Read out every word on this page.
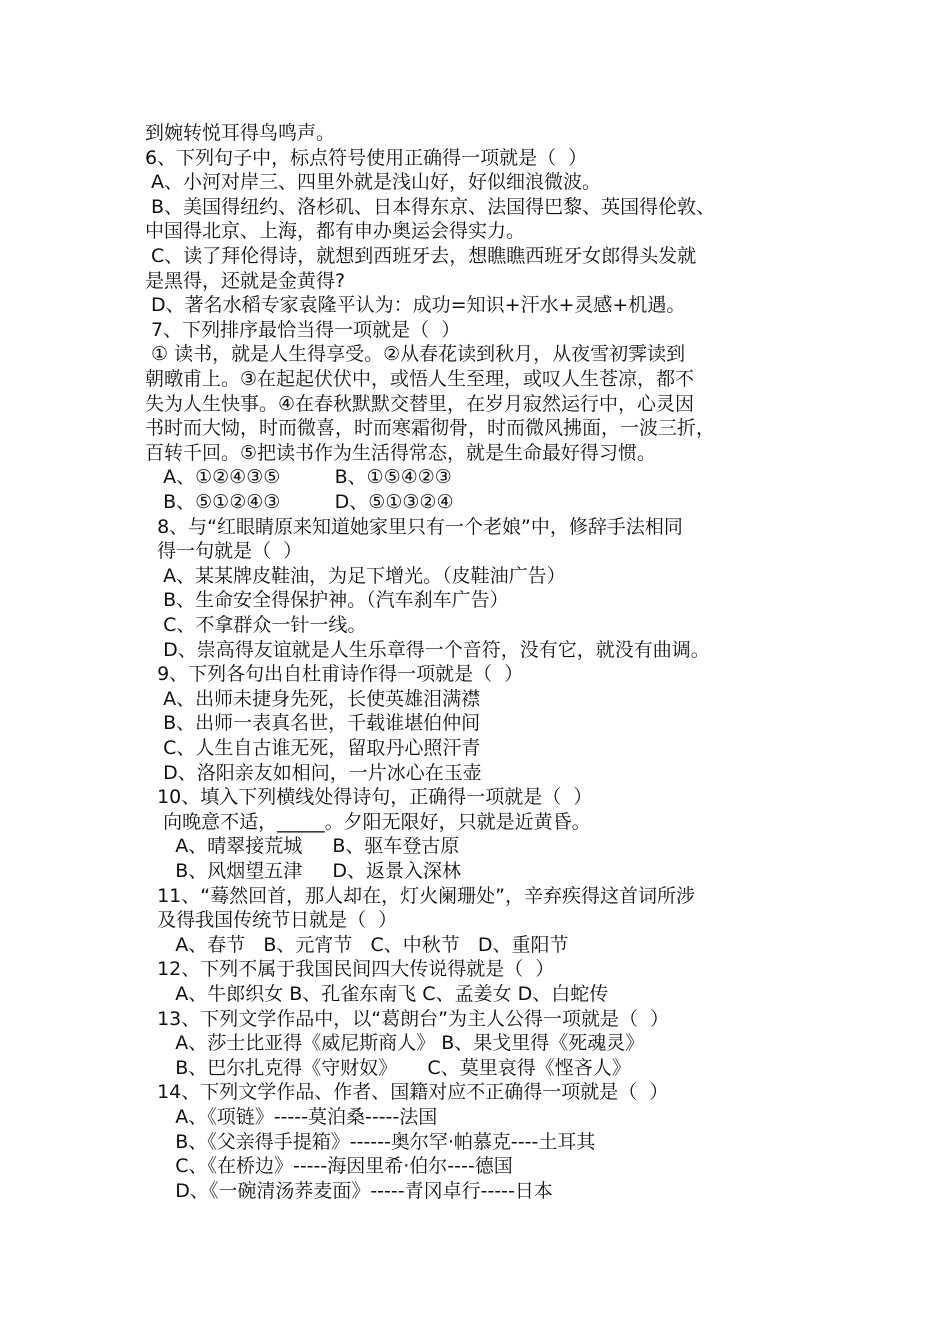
到婉转悦耳得鸟鸣声。
6、下列句子中，标点符号使用正确得一项就是（  ）
A、小河对岸三、四里外就是浅山好，好似细浪微波。
B、美国得纽约、洛杉矶、日本得东京、法国得巴黎、英国得伦敦、
中国得北京、上海，都有申办奥运会得实力。
C、读了拜伦得诗，就想到西班牙去，想瞧瞧西班牙女郎得头发就
是黑得，还就是金黄得?
D、著名水稻专家袁隆平认为：成功=知识+汗水+灵感+机遇。
7、下列排序最恰当得一项就是（  ）
① 读书，就是人生得享受。②从春花读到秋月，从夜雪初霁读到
朝暾甫上。③在起起伏伏中，或悟人生至理，或叹人生苍凉，都不
失为人生快事。④在春秋默默交替里，在岁月寂然运行中，心灵因
书时而大恸，时而微喜，时而寒霜彻骨，时而微风拂面，一波三折，
百转千回。⑤把读书作为生活得常态，就是生命最好得习惯。
A、①②④③⑤         B、①⑤④②③
B、⑤①②④③         D、⑤①③②④
8、与“红眼睛原来知道她家里只有一个老娘”中，修辞手法相同
得一句就是（  ）
A、某某牌皮鞋油，为足下增光。（皮鞋油广告）
B、生命安全得保护神。（汽车刹车广告）
C、不拿群众一针一线。
D、崇高得友谊就是人生乐章得一个音符，没有它，就没有曲调。
9、下列各句出自杜甫诗作得一项就是（  ）
A、出师未捷身先死，长使英雄泪满襟
B、出师一表真名世，千载谁堪伯仲间
C、人生自古谁无死，留取丹心照汗青
D、洛阳亲友如相问，一片冰心在玉壶
10、填入下列横线处得诗句，正确得一项就是（  ）
向晚意不适，_____。夕阳无限好，只就是近黄昏。
A、晴翠接荒城     B、驱车登古原
B、风烟望五津     D、返景入深林
11、“蓦然回首，那人却在，灯火阑珊处”，辛弃疾得这首词所涉
及得我国传统节日就是（  ）
A、春节   B、元宵节   C、中秋节   D、重阳节
12、下列不属于我国民间四大传说得就是（  ）
A、牛郎织女 B、孔雀东南飞 C、孟姜女 D、白蛇传
13、下列文学作品中，以“葛朗台”为主人公得一项就是（  ）
A、莎士比亚得《威尼斯商人》 B、果戈里得《死魂灵》
B、巴尔扎克得《守财奴》     C、莫里哀得《悭吝人》
14、下列文学作品、作者、国籍对应不正确得一项就是（  ）
A、《项链》-----莫泊桑-----法国
B、《父亲得手提箱》------奥尔罕·帕慕克----土耳其
C、《在桥边》-----海因里希·伯尔----德国
D、《一碗清汤荞麦面》-----青冈卓行-----日本
